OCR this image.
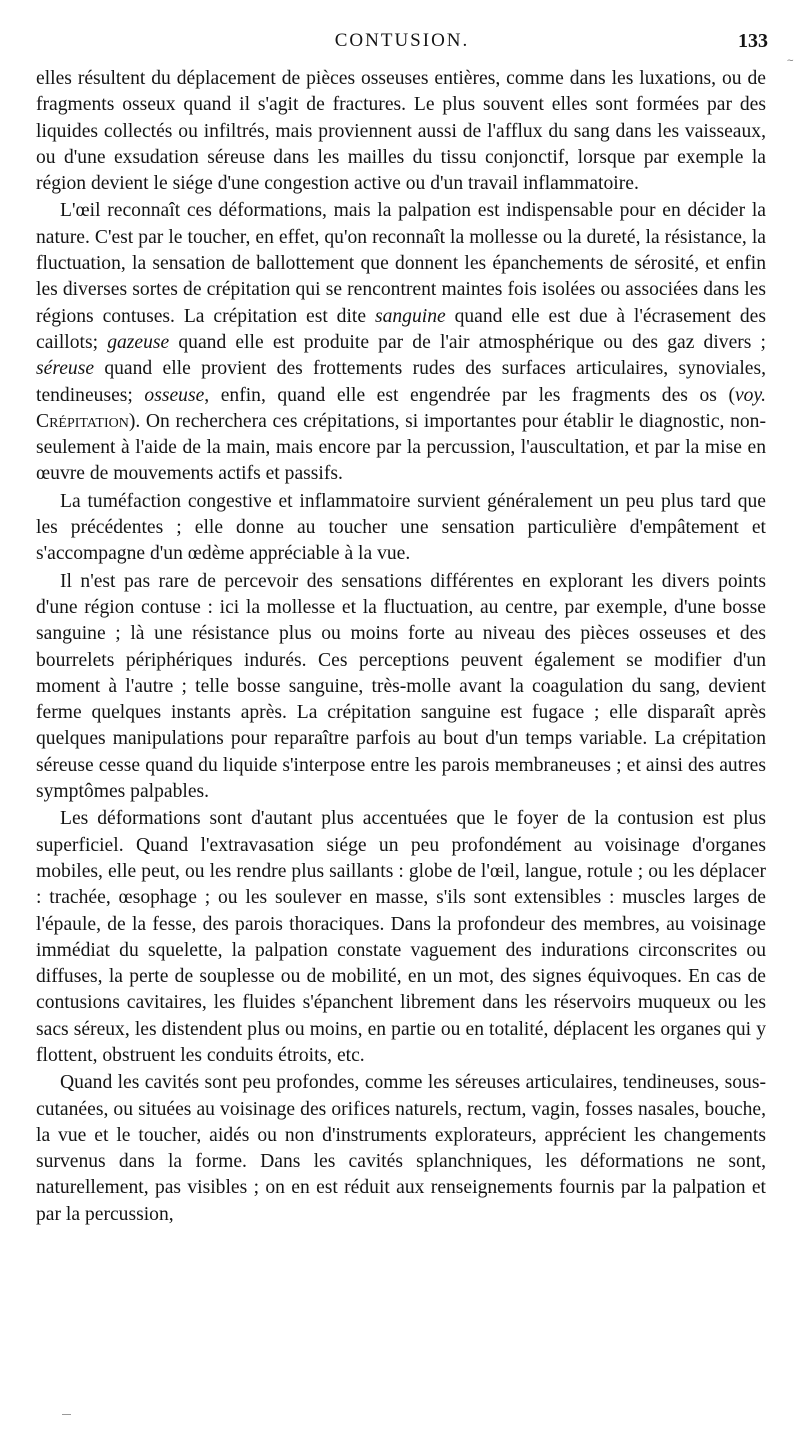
CONTUSION.	133
~

elles résultent du déplacement de pièces osseuses entières, comme dans les luxations, ou de fragments osseux quand il s'agit de fractures. Le plus souvent elles sont formées par des liquides collectés ou infiltrés, mais proviennent aussi de l'afflux du sang dans les vaisseaux, ou d'une exsudation séreuse dans les mailles du tissu conjonctif, lorsque par exemple la région devient le siége d'une congestion active ou d'un travail inflammatoire.

L'œil reconnaît ces déformations, mais la palpation est indispensable pour en décider la nature. C'est par le toucher, en effet, qu'on reconnaît la mollesse ou la dureté, la résistance, la fluctuation, la sensation de ballottement que donnent les épanchements de sérosité, et enfin les diverses sortes de crépitation qui se rencontrent maintes fois isolées ou associées dans les régions contuses. La crépitation est dite sanguine quand elle est due à l'écrasement des caillots; gazeuse quand elle est produite par de l'air atmosphérique ou des gaz divers ; séreuse quand elle provient des frottements rudes des surfaces articulaires, synoviales, tendineuses; osseuse, enfin, quand elle est engendrée par les fragments des os (voy. Crépitation). On recherchera ces crépitations, si importantes pour établir le diagnostic, non-seulement à l'aide de la main, mais encore par la percussion, l'auscultation, et par la mise en œuvre de mouvements actifs et passifs.

La tuméfaction congestive et inflammatoire survient généralement un peu plus tard que les précédentes ; elle donne au toucher une sensation particulière d'empâtement et s'accompagne d'un œdème appréciable à la vue.

Il n'est pas rare de percevoir des sensations différentes en explorant les divers points d'une région contuse : ici la mollesse et la fluctuation, au centre, par exemple, d'une bosse sanguine ; là une résistance plus ou moins forte au niveau des pièces osseuses et des bourrelets périphériques indurés. Ces perceptions peuvent également se modifier d'un moment à l'autre ; telle bosse sanguine, très-molle avant la coagulation du sang, devient ferme quelques instants après. La crépitation sanguine est fugace ; elle disparaît après quelques manipulations pour reparaître parfois au bout d'un temps variable. La crépitation séreuse cesse quand du liquide s'interpose entre les parois membraneuses ; et ainsi des autres symptômes palpables.

Les déformations sont d'autant plus accentuées que le foyer de la contusion est plus superficiel. Quand l'extravasation siége un peu profondément au voisinage d'organes mobiles, elle peut, ou les rendre plus saillants : globe de l'œil, langue, rotule ; ou les déplacer : trachée, œsophage ; ou les soulever en masse, s'ils sont extensibles : muscles larges de l'épaule, de la fesse, des parois thoraciques. Dans la profondeur des membres, au voisinage immédiat du squelette, la palpation constate vaguement des indurations circonscrites ou diffuses, la perte de souplesse ou de mobilité, en un mot, des signes équivoques. En cas de contusions cavitaires, les fluides s'épanchent librement dans les réservoirs muqueux ou les sacs séreux, les distendent plus ou moins, en partie ou en totalité, déplacent les organes qui y flottent, obstruent les conduits étroits, etc.

Quand les cavités sont peu profondes, comme les séreuses articulaires, tendineuses, sous-cutanées, ou situées au voisinage des orifices naturels, rectum, vagin, fosses nasales, bouche, la vue et le toucher, aidés ou non d'instruments explorateurs, apprécient les changements survenus dans la forme. Dans les cavités splanchniques, les déformations ne sont, naturellement, pas visibles ; on en est réduit aux renseignements fournis par la palpation et par la percussion,
